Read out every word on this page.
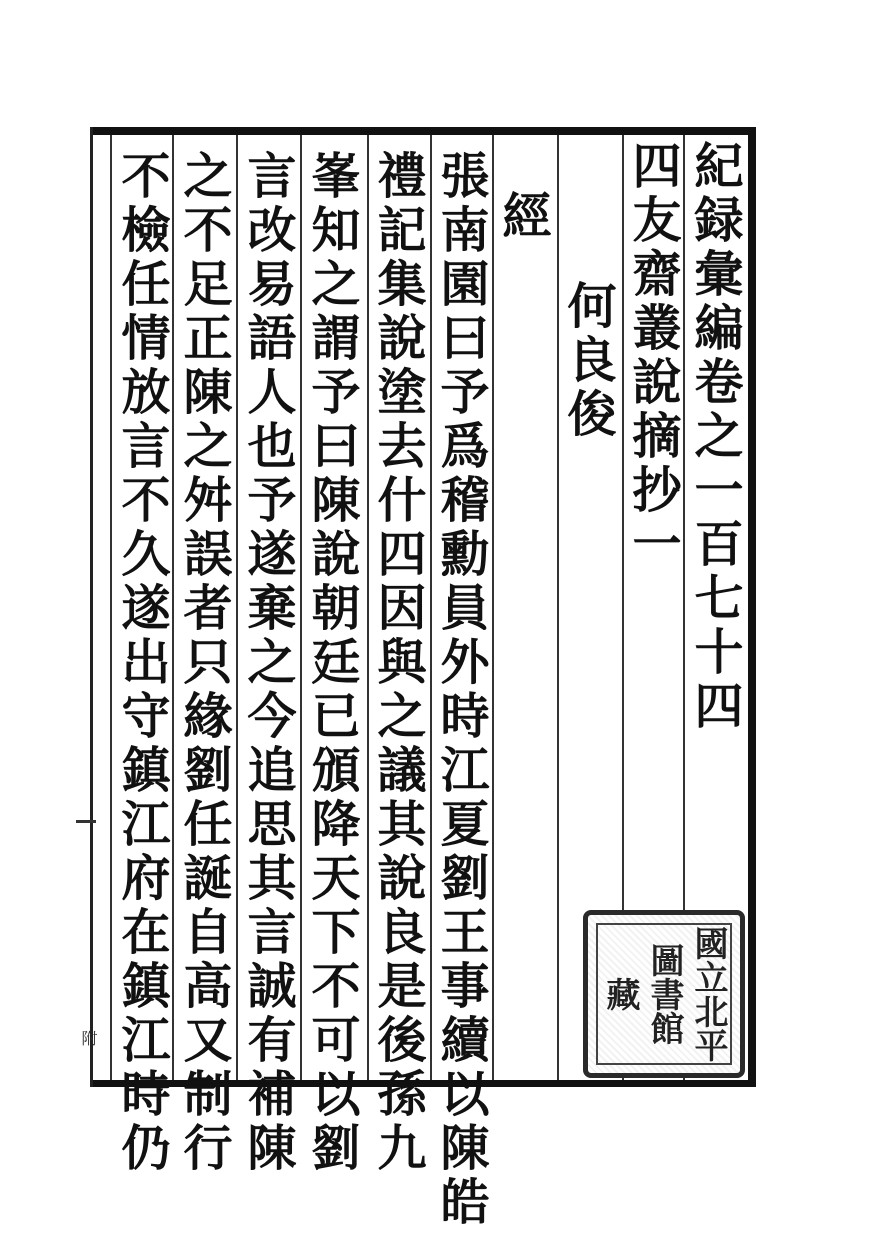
紀録彙編卷之一百七十四
四友齋叢說摘抄一
何良俊
經
張南園曰予爲稽勳員外時江夏劉王事續以陳皓
禮記集說塗去什四因與之議其說良是後孫九
峯知之謂予曰陳說朝廷已頒降天下不可以劉
言改易語人也予遂棄之今追思其言誠有補陳
之不足正陳之舛誤者只緣劉任誕自高又制行
不檢任情放言不久遂出守鎮江府在鎮江時仍
附	國立北平
圖書館
藏
